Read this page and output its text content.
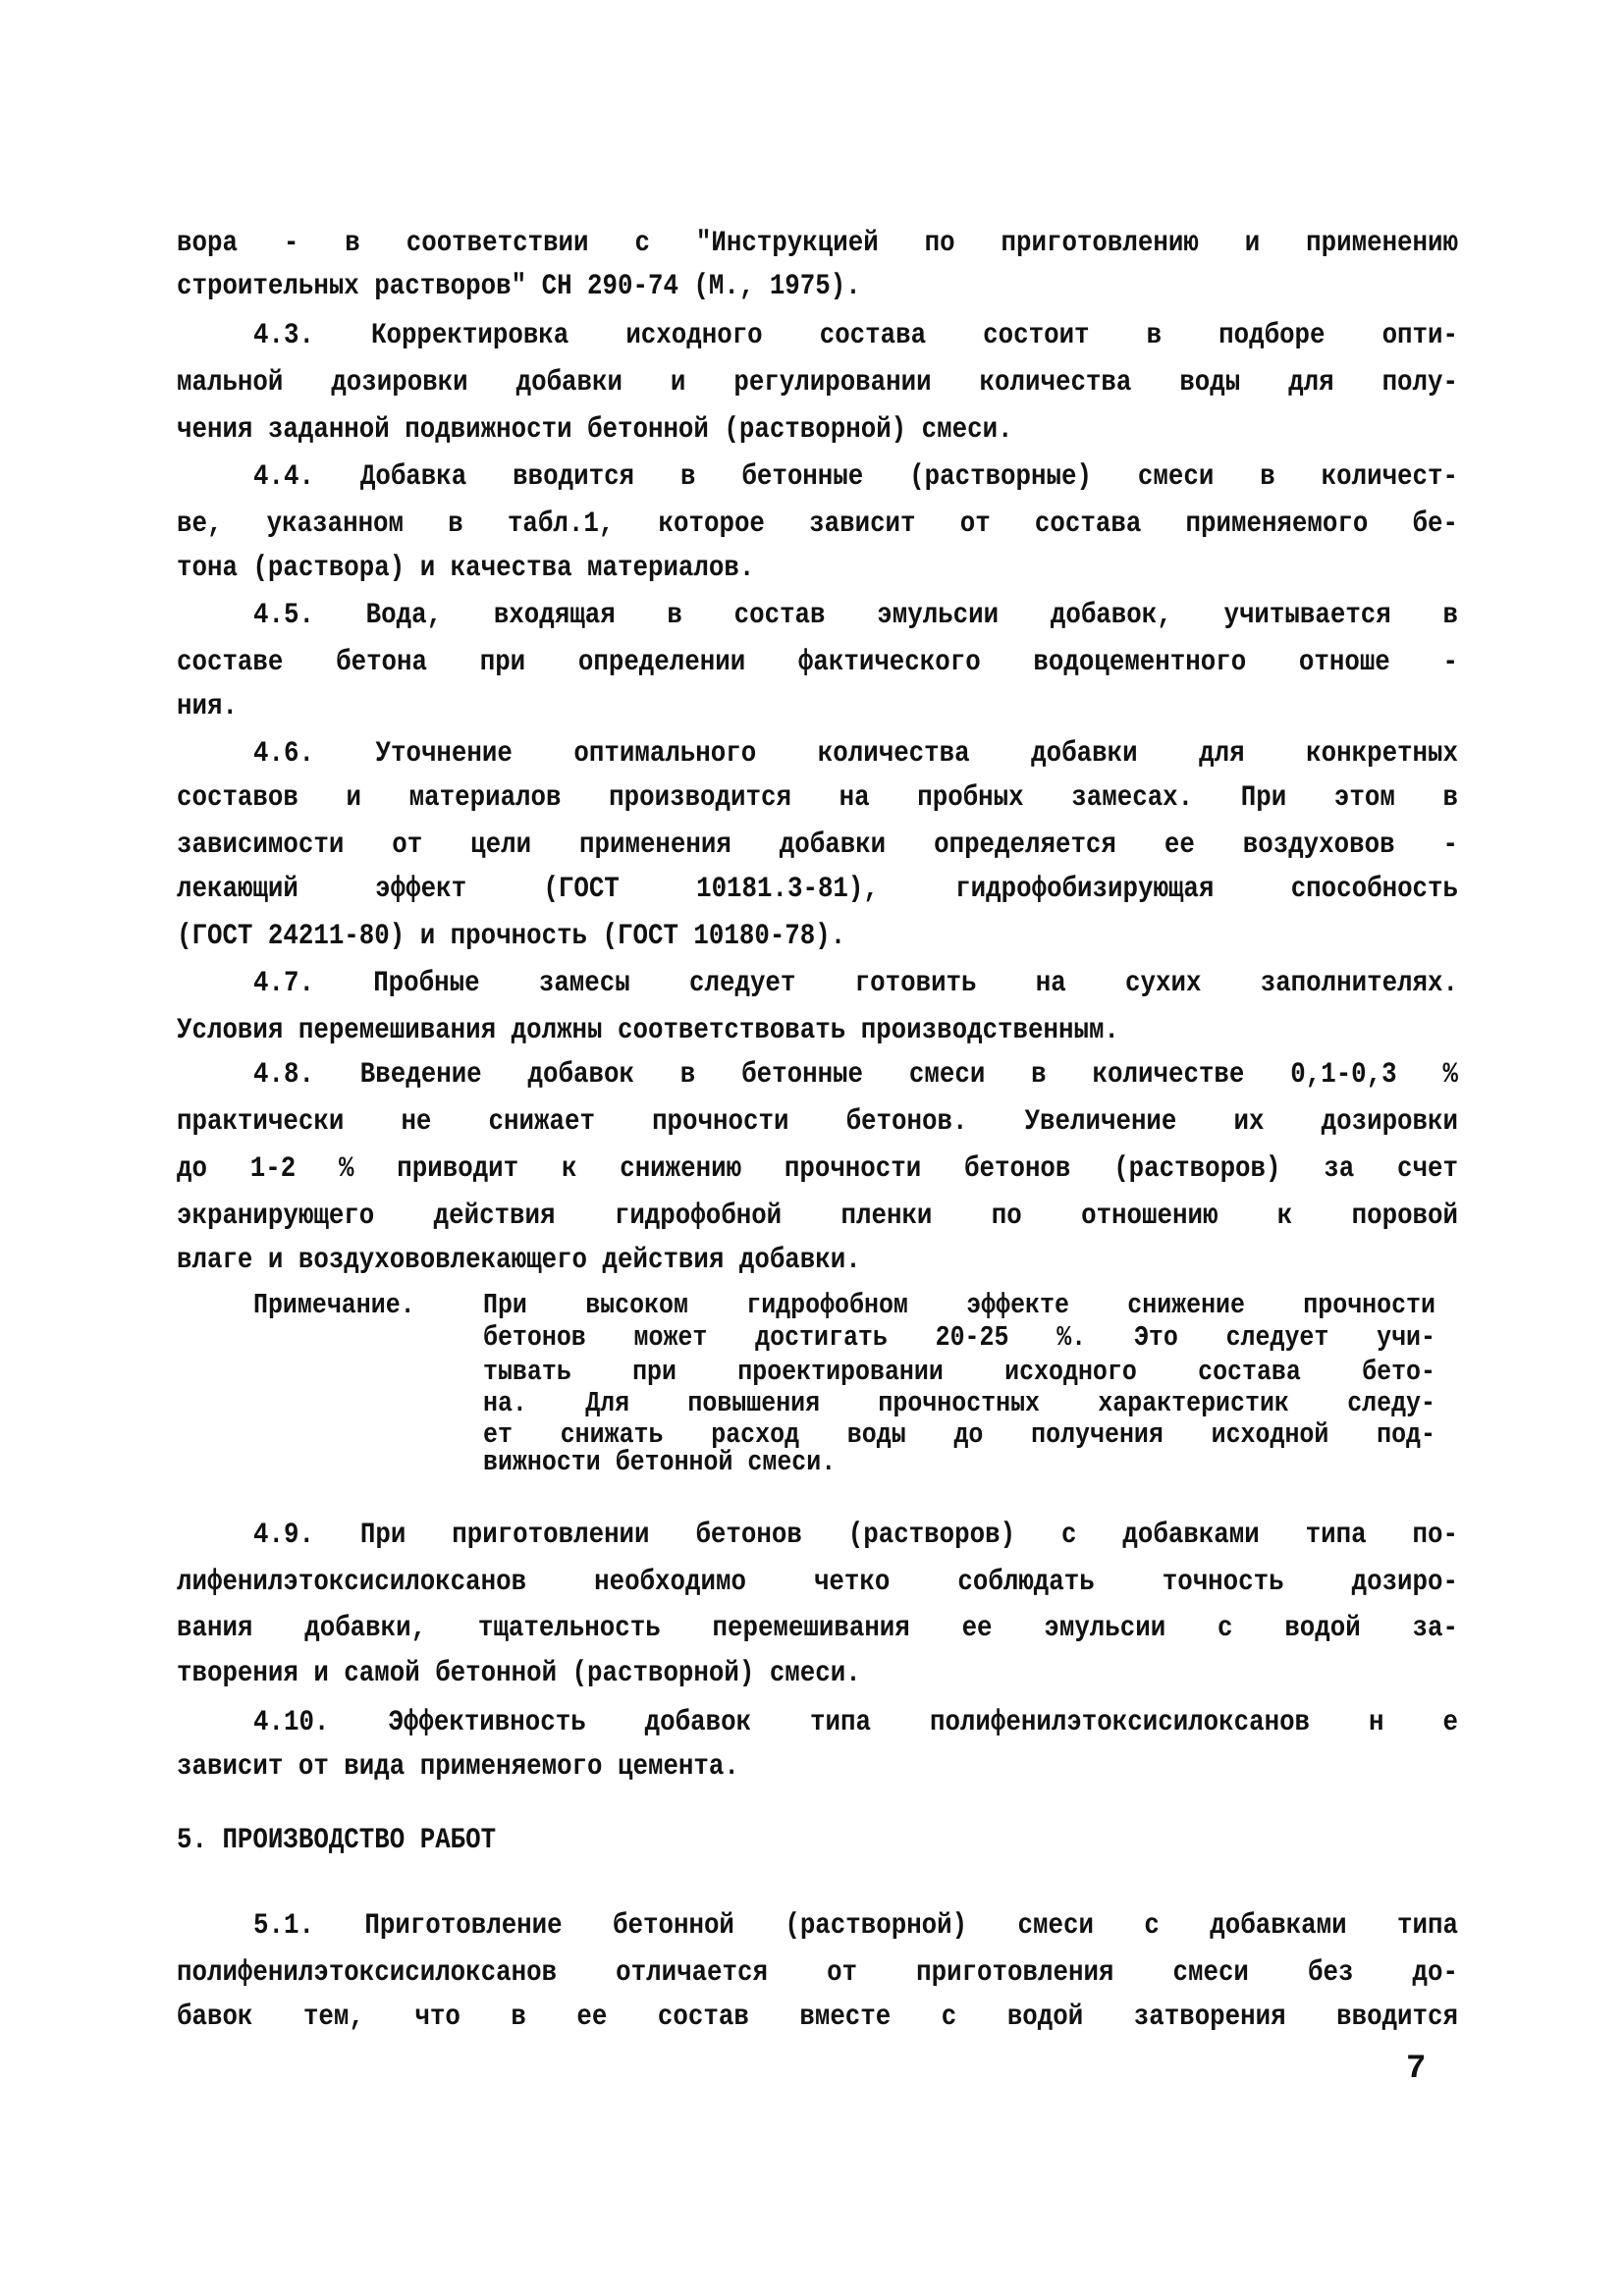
вора - в соответствии с "Инструкцией по приготовлению и применению
строительных растворов" СН 290-74 (М., 1975).
4.3. Корректировка исходного состава состоит в подборе опти-
мальной дозировки добавки и регулировании количества воды для полу-
чения заданной подвижности бетонной (растворной) смеси.
4.4. Добавка вводится в бетонные (растворные) смеси в количест-
ве, указанном в табл.1, которое зависит от состава применяемого бе-
тона (раствора) и качества материалов.
4.5. Вода, входящая в состав эмульсии добавок, учитывается в
составе бетона при определении фактического водоцементного отноше -
ния.
4.6. Уточнение оптимального количества добавки для конкретных
составов и материалов производится на пробных замесах. При этом в
зависимости от цели применения добавки определяется ее воздуховов -
лекающий эффект (ГОСТ 10181.3-81), гидрофобизирующая способность
(ГОСТ 24211-80) и прочность (ГОСТ 10180-78).
4.7. Пробные замесы следует готовить на сухих заполнителях.
Условия перемешивания должны соответствовать производственным.
4.8. Введение добавок в бетонные смеси в количестве 0,1-0,3 %
практически не снижает прочности бетонов. Увеличение их дозировки
до 1-2 % приводит к снижению прочности бетонов (растворов) за счет
экранирующего действия гидрофобной пленки по отношению к поровой
влаге и воздухововлекающего действия добавки.
Примечание. При высоком гидрофобном эффекте снижение прочности
бетонов может достигать 20-25 %. Это следует учи-
тывать при проектировании исходного состава бето-
на. Для повышения прочностных характеристик следу-
ет снижать расход воды до получения исходной под-
вижности бетонной смеси.
4.9. При приготовлении бетонов (растворов) с добавками типа по-
лифенилэтоксисилоксанов необходимо четко соблюдать точность дозиро-
вания добавки, тщательность перемешивания ее эмульсии с водой за-
творения и самой бетонной (растворной) смеси.
4.10. Эффективность добавок типа полифенилэтоксисилоксанов н е
зависит от вида применяемого цемента.
5. ПРОИЗВОДСТВО РАБОТ
5.1. Приготовление бетонной (растворной) смеси с добавками типа
полифенилэтоксисилоксанов отличается от приготовления смеси без до-
бавок тем, что в ее состав вместе с водой затворения вводится
7
